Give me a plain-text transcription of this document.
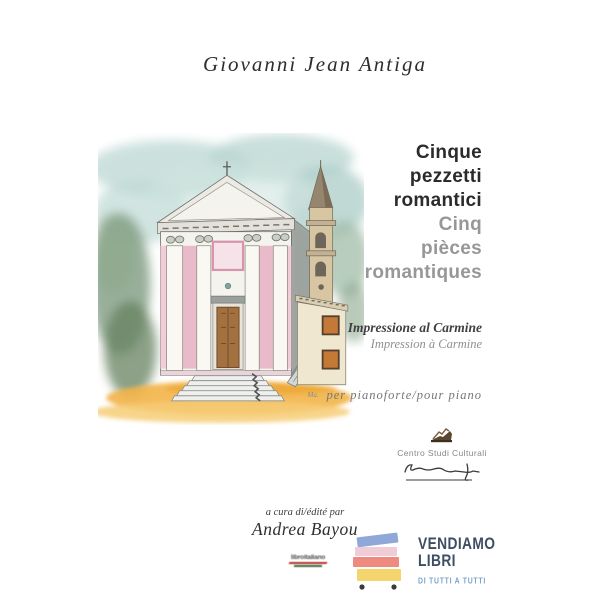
Giovanni Jean Antiga
Ma.
Cinque
pezzetti
romantici
Cinq
pièces
romantiques
Impressione al Carmine
Impression à Carmine
per pianoforte/pour piano
Centro Studi Culturali
a cura di/édité par
Andrea Bayou
libroitaliano
VENDIAMO
LIBRI
DI TUTTI A TUTTI
